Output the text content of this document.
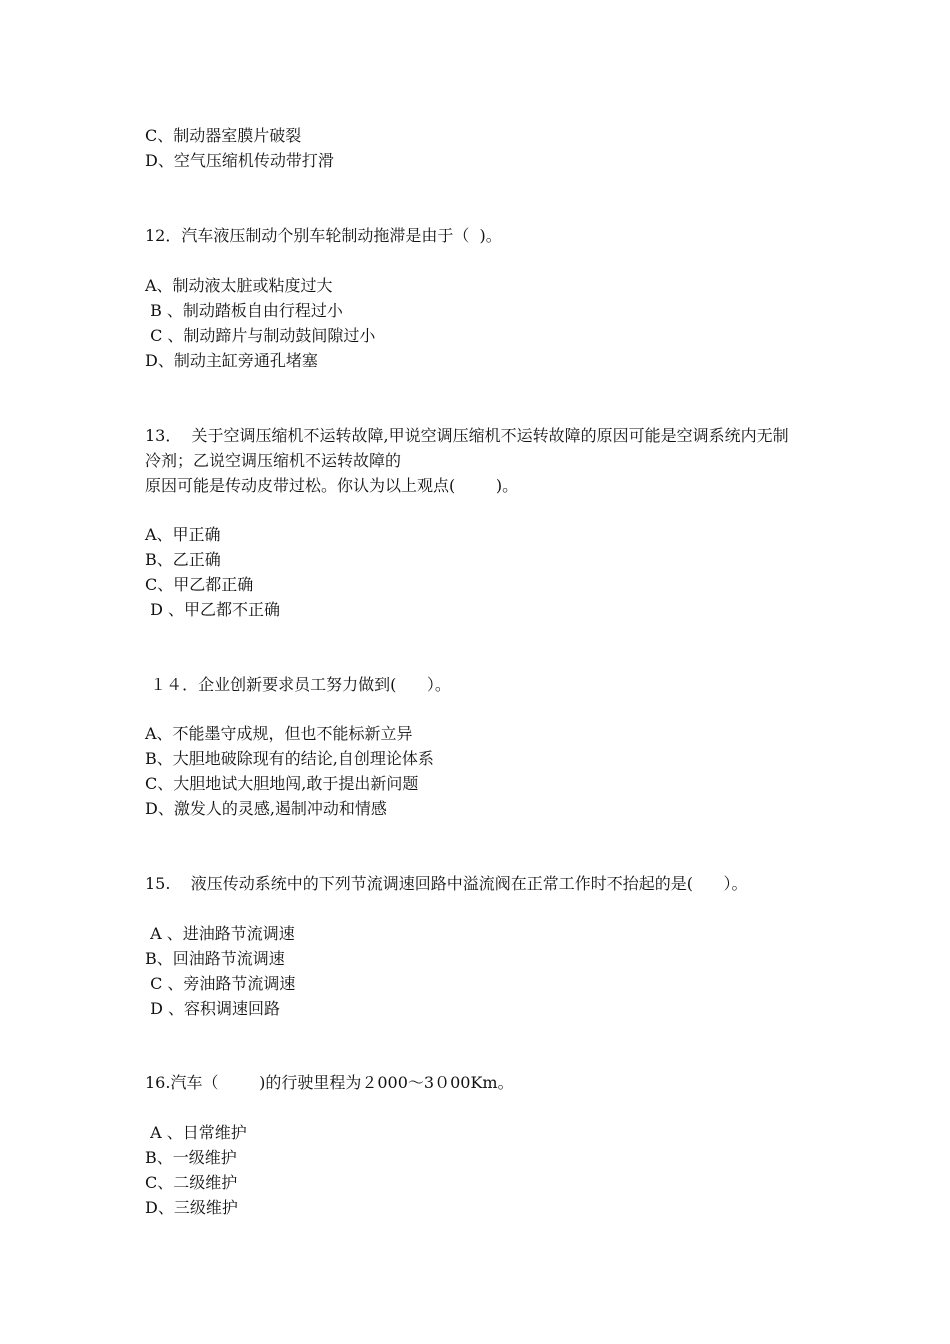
C、制动器室膜片破裂
D、空气压缩机传动带打滑
12．汽车液压制动个别车轮制动拖滞是由于（  )。
A、制动液太脏或粘度过大
B 、制动踏板自由行程过小
C 、制动蹄片与制动鼓间隙过小
D、制动主缸旁通孔堵塞
13．  关于空调压缩机不运转故障,甲说空调压缩机不运转故障的原因可能是空调系统内无制
冷剂；乙说空调压缩机不运转故障的
原因可能是传动皮带过松。你认为以上观点(        )。
A、甲正确
B、乙正确
C、甲乙都正确
D 、甲乙都不正确
１４．企业创新要求员工努力做到(      ）。
A、不能墨守成规，但也不能标新立异
B、大胆地破除现有的结论,自创理论体系
C、大胆地试大胆地闯,敢于提出新问题
D、激发人的灵感,遏制冲动和情感
15.    液压传动系统中的下列节流调速回路中溢流阀在正常工作时不抬起的是(      ）。
A 、进油路节流调速
B、回油路节流调速
C 、旁油路节流调速
D 、容积调速回路
16.汽车（        )的行驶里程为２000～3０00Km。
A 、日常维护
B、一级维护
C、二级维护
D、三级维护
